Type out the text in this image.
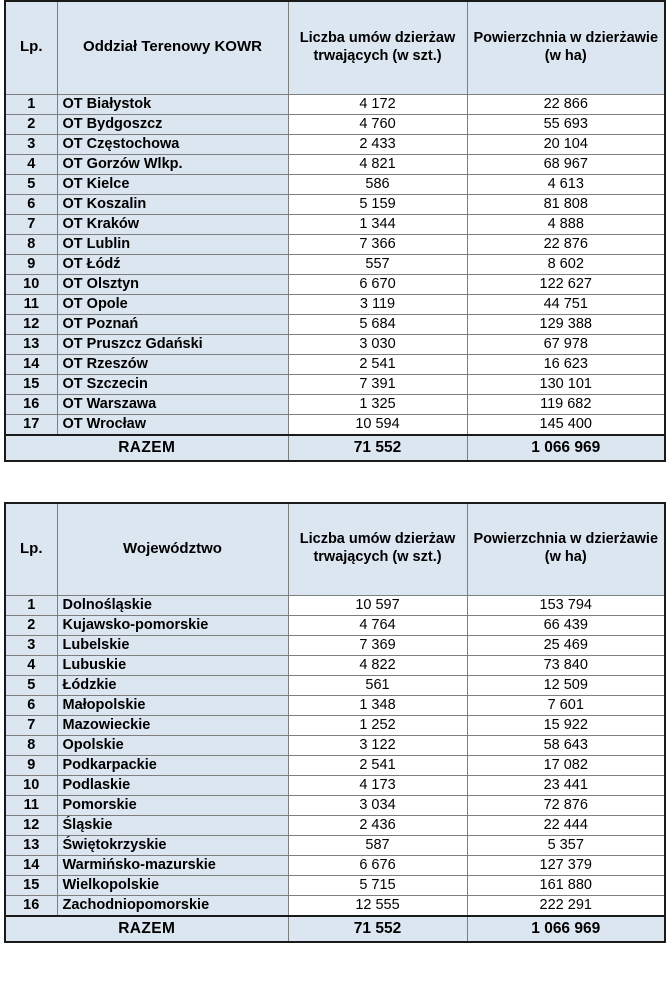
Lp.	Oddział Terenowy KOWR	Liczba umów dzierżaw trwających (w szt.)	Powierzchnia w dzierżawie (w ha)
1	OT Białystok	4 172	22 866
2	OT Bydgoszcz	4 760	55 693
3	OT Częstochowa	2 433	20 104
4	OT Gorzów Wlkp.	4 821	68 967
5	OT Kielce	586	4 613
6	OT Koszalin	5 159	81 808
7	OT Kraków	1 344	4 888
8	OT Lublin	7 366	22 876
9	OT Łódź	557	8 602
10	OT Olsztyn	6 670	122 627
11	OT Opole	3 119	44 751
12	OT Poznań	5 684	129 388
13	OT Pruszcz Gdański	3 030	67 978
14	OT Rzeszów	2 541	16 623
15	OT Szczecin	7 391	130 101
16	OT Warszawa	1 325	119 682
17	OT Wrocław	10 594	145 400
RAZEM		71 552	1 066 969
Lp.	Województwo	Liczba umów dzierżaw trwających (w szt.)	Powierzchnia w dzierżawie (w ha)
1	Dolnośląskie	10 597	153 794
2	Kujawsko-pomorskie	4 764	66 439
3	Lubelskie	7 369	25 469
4	Lubuskie	4 822	73 840
5	Łódzkie	561	12 509
6	Małopolskie	1 348	7 601
7	Mazowieckie	1 252	15 922
8	Opolskie	3 122	58 643
9	Podkarpackie	2 541	17 082
10	Podlaskie	4 173	23 441
11	Pomorskie	3 034	72 876
12	Śląskie	2 436	22 444
13	Świętokrzyskie	587	5 357
14	Warmińsko-mazurskie	6 676	127 379
15	Wielkopolskie	5 715	161 880
16	Zachodniopomorskie	12 555	222 291
RAZEM		71 552	1 066 969
